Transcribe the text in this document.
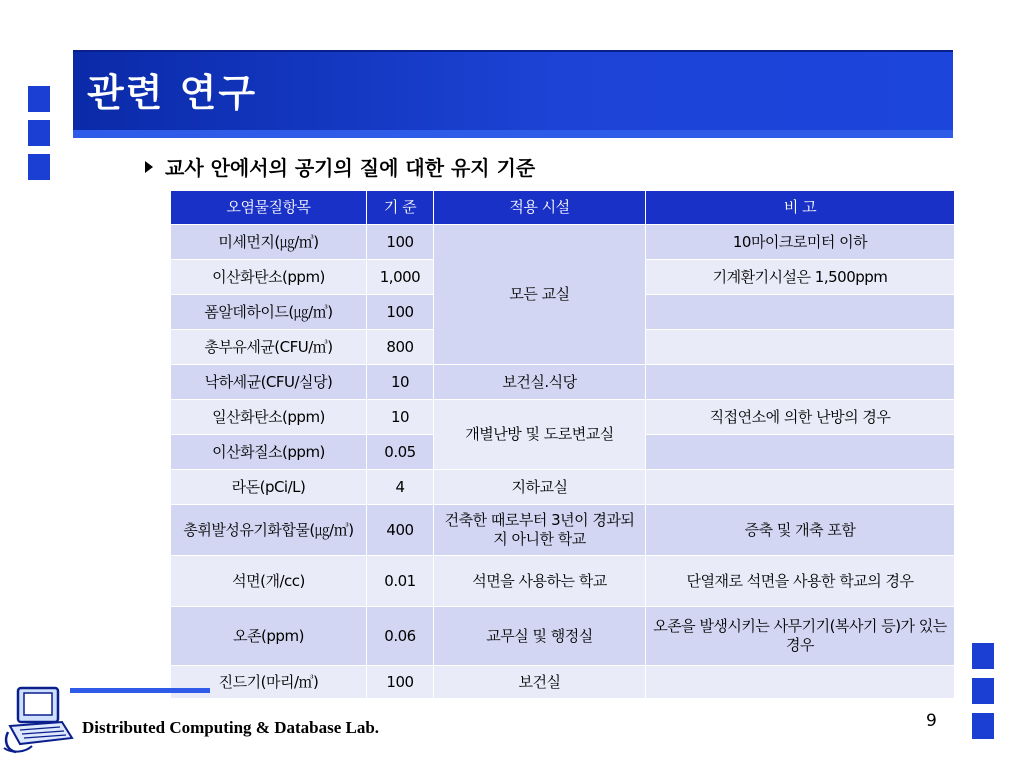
관련 연구
교사 안에서의 공기의 질에 대한 유지 기준
오염물질항목	기 준	적용 시설	비 고
미세먼지(㎍/㎥)	100	모든 교실	10마이크로미터 이하
이산화탄소(ppm)	1,000		기계환기시설은 1,500ppm
폼알데하이드(㎍/㎥)	100		
총부유세균(CFU/㎥)	800		
낙하세균(CFU/실당)	10	보건실.식당	
일산화탄소(ppm)	10	개별난방 및 도로변교실	직접연소에 의한 난방의 경우
이산화질소(ppm)	0.05		
라돈(pCi/L)	4	지하교실	
총휘발성유기화합물(㎍/㎥)	400	건축한 때로부터 3년이 경과되지 아니한 학교	증축 및 개축 포함
석면(개/cc)	0.01	석면을 사용하는 학교	단열재로 석면을 사용한 학교의 경우
오존(ppm)	0.06	교무실 및 행정실	오존을 발생시키는 사무기기(복사기 등)가 있는 경우
진드기(마리/㎥)	100	보건실	
Distributed Computing & Database Lab.	9
